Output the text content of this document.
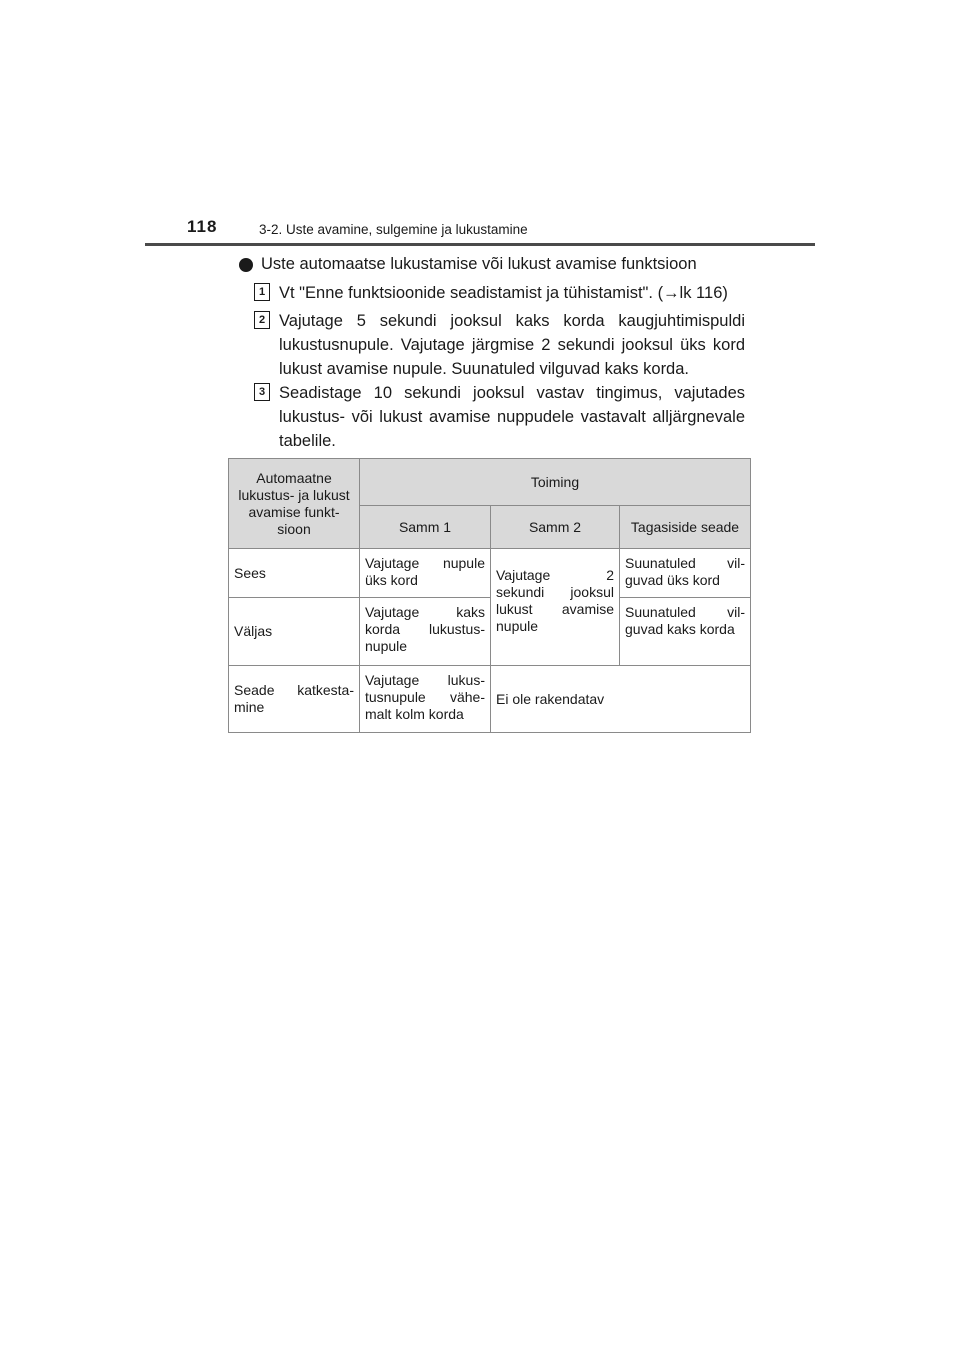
118	3-2. Uste avamine, sulgemine ja lukustamine
Uste automaatse lukustamise või lukust avamise funktsioon
1 Vt "Enne funktsioonide seadistamist ja tühistamist". (→lk 116)
2 Vajutage 5 sekundi jooksul kaks korda kaugjuhtimispuldi lukustusnupule. Vajutage järgmise 2 sekundi jooksul üks kord lukust avamise nupule. Suunatuled vilguvad kaks korda.
3 Seadistage 10 sekundi jooksul vastav tingimus, vajutades lukustus- või lukust avamise nuppudele vastavalt alljärgnevale tabelile.
Automaatne lukustus- ja lukust avamise funkt-sioon	Toiming		
	Samm 1	Samm 2	Tagasiside seade
Sees	Vajutage nupule üks kord	Vajutage 2 sekundi jooksul lukust avamise nupule	Suunatuled vil-guvad üks kord
Väljas	Vajutage kaks korda lukustus-nupule		Suunatuled vil-guvad kaks korda
Seade katkesta-mine	Vajutage lukus-tusnupule vähe-malt kolm korda	Ei ole rakendatav	
